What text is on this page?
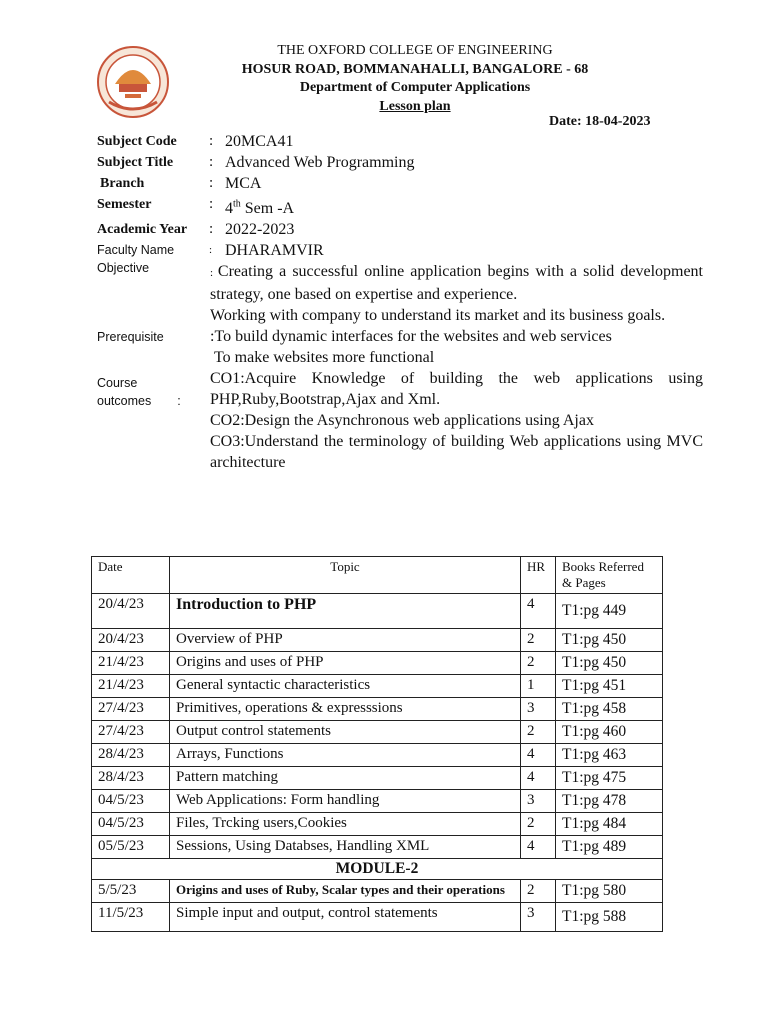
THE OXFORD COLLEGE OF ENGINEERING
HOSUR ROAD, BOMMANAHALLI, BANGALORE - 68
Department of Computer Applications
Lesson plan
Date: 18-04-2023
Subject Code : 20MCA41
Subject Title : Advanced Web Programming
Branch	: MCA
Semester	: 4th Sem -A
Academic Year : 2022-2023
Faculty Name	: DHARAMVIR
Objective	: Creating a successful online application begins with a solid development strategy, one based on expertise and experience.
Working with company to understand its market and its business goals.
Prerequisite	:To build dynamic interfaces for the websites and web services
To make websites more functional
Course
outcomes :
CO1:Acquire Knowledge of building the web applications using PHP,Ruby,Bootstrap,Ajax and Xml.
CO2:Design the Asynchronous web applications using Ajax
CO3:Understand the terminology of building Web applications using MVC architecture
Date	Topic	HR	Books Referred & Pages
20/4/23	Introduction to PHP	4	T1:pg 449
20/4/23	Overview of PHP	2	T1:pg 450
21/4/23	Origins and uses of PHP	2	T1:pg 450
21/4/23	General syntactic characteristics	1	T1:pg 451
27/4/23	Primitives, operations & expresssions	3	T1:pg 458
27/4/23	Output control statements	2	T1:pg 460
28/4/23	Arrays, Functions	4	T1:pg 463
28/4/23	Pattern matching	4	T1:pg 475
04/5/23	Web Applications: Form handling	3	T1:pg 478
04/5/23	Files, Trcking users,Cookies	2	T1:pg 484
05/5/23	Sessions, Using Databses, Handling XML	4	T1:pg 489
MODULE-2			
5/5/23	Origins and uses of Ruby, Scalar types and their operations	2	T1:pg 580
11/5/23	Simple input and output, control statements	3	T1:pg 588
